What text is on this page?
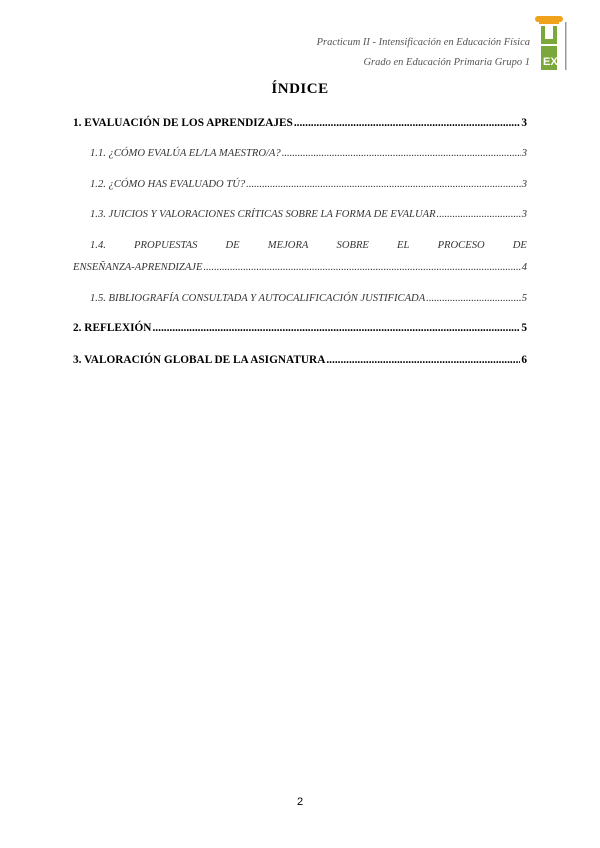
Practicum II - Intensificación en Educación Física
Grado en Educación Primaria Grupo 1 EX
ÍNDICE
1. EVALUACIÓN DE LOS APRENDIZAJES .....	3
1.1. ¿CÓMO EVALÚA EL/LA MAESTRO/A? .....	3
1.2. ¿CÓMO HAS EVALUADO TÚ? .....	3
1.3. JUICIOS Y VALORACIONES CRÍTICAS SOBRE LA FORMA DE EVALUAR .....	3
1.4.	PROPUESTAS	DE	MEJORA	SOBRE	EL	PROCESO	DE
ENSEÑANZA-APRENDIZAJE .....	4
1.5. BIBLIOGRAFÍA CONSULTADA Y AUTOCALIFICACIÓN JUSTIFICADA .....	5
2. REFLEXIÓN .....	5
3. VALORACIÓN GLOBAL DE LA ASIGNATURA .....	6
2
